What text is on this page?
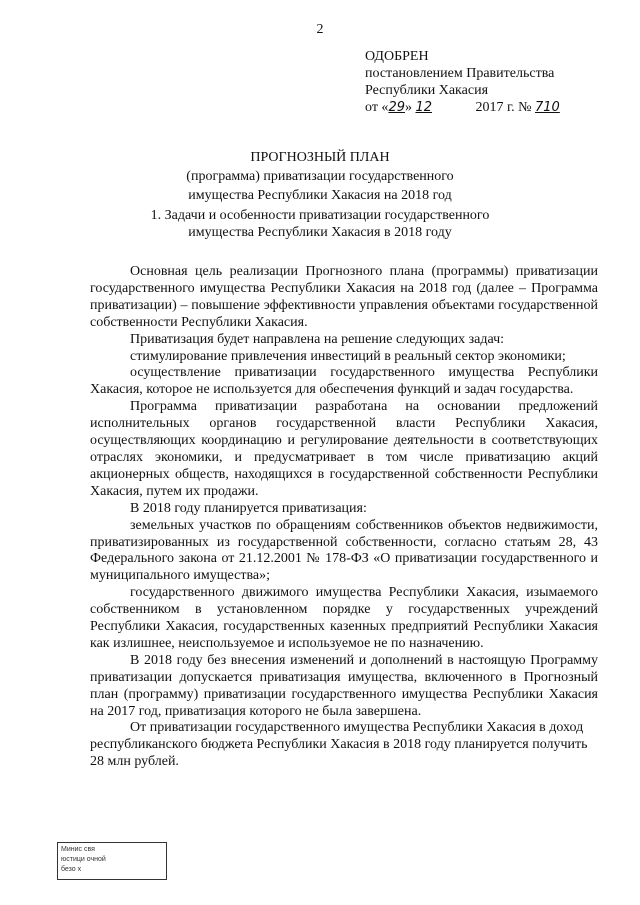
2
ОДОБРЕН
постановлением Правительства
Республики Хакасия
от «29» 12	2017 г. № 710
ПРОГНОЗНЫЙ ПЛАН
(программа) приватизации государственного
имущества Республики Хакасия на 2018 год
1. Задачи и особенности приватизации государственного
имущества Республики Хакасия в 2018 году

Основная цель реализации Прогнозного плана (программы) приватизации государственного имущества Республики Хакасия на 2018 год (далее – Программа приватизации) – повышение эффективности управления объектами государственной собственности Республики Хакасия.

Приватизация будет направлена на решение следующих задач:

стимулирование привлечения инвестиций в реальный сектор экономики;

осуществление приватизации государственного имущества Республики Хакасия, которое не используется для обеспечения функций и задач государства.

Программа приватизации разработана на основании предложений исполнительных органов государственной власти Республики Хакасия, осуществляющих координацию и регулирование деятельности в соответствующих отраслях экономики, и предусматривает в том числе приватизацию акций акционерных обществ, находящихся в государственной собственности Республики Хакасия, путем их продажи.

В 2018 году планируется приватизация:

земельных участков по обращениям собственников объектов недвижимости, приватизированных из государственной собственности, согласно статьям 28, 43 Федерального закона от 21.12.2001 № 178-ФЗ «О приватизации государственного и муниципального имущества»;

государственного движимого имущества Республики Хакасия, изымаемого собственником в установленном порядке у государственных учреждений Республики Хакасия, государственных казенных предприятий Республики Хакасия как излишнее, неиспользуемое и используемое не по назначению.

В 2018 году без внесения изменений и дополнений в настоящую Программу приватизации допускается приватизация имущества, включенного в Прогнозный план (программу) приватизации государственного имущества Республики Хакасия на 2017 год, приватизация которого не была завершена.

От приватизации государственного имущества Республики Хакасия в доход республиканского бюджета Республики Хакасия в 2018 году планируется получить 28 млн рублей.

Минис свя
юстици очной
безо х
